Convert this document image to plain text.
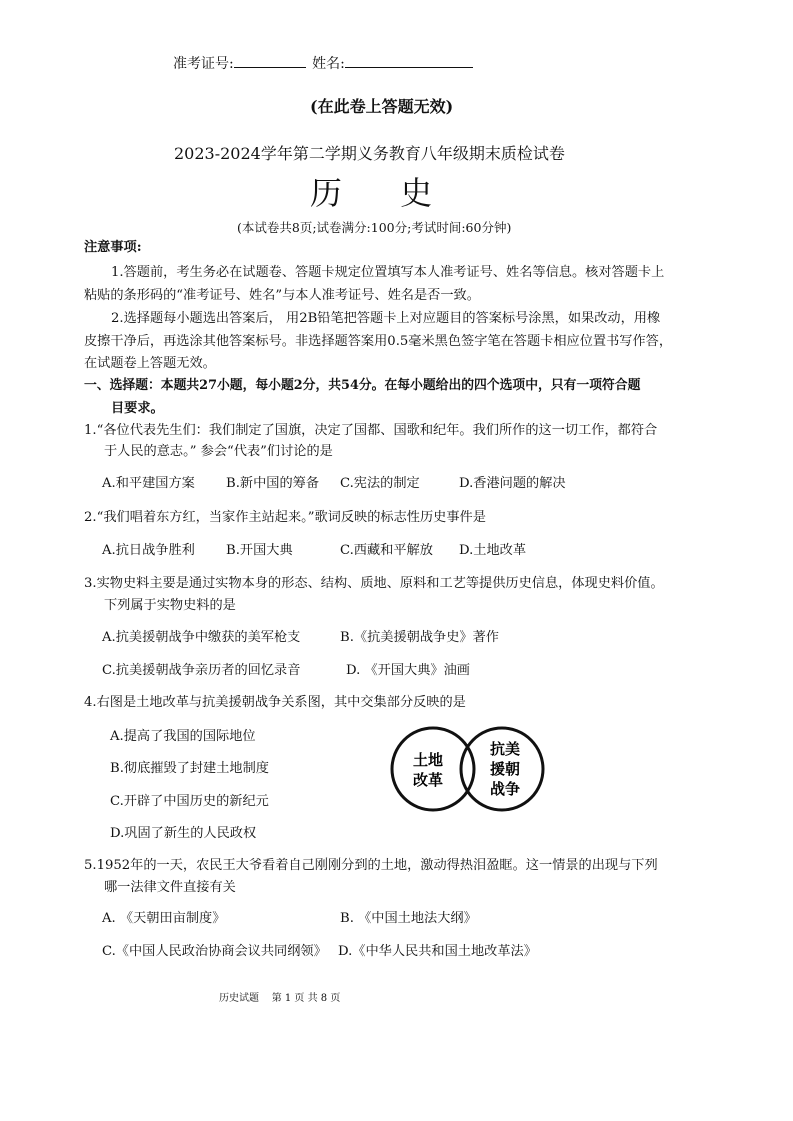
准考证号:	姓名:
(在此卷上答题无效)
2023-2024学年第二学期义务教育八年级期末质检试卷
历 史
(本试卷共8页;试卷满分:100分;考试时间:60分钟)
注意事项:
1.答题前，考生务必在试题卷、答题卡规定位置填写本人准考证号、姓名等信息。核对答题卡上
粘贴的条形码的“准考证号、姓名”与本人准考证号、姓名是否一致。
2.选择题每小题选出答案后， 用2B铅笔把答题卡上对应题目的答案标号涂黑，如果改动，用橡
皮擦干净后，再选涂其他答案标号。非选择题答案用0.5毫米黑色签字笔在答题卡相应位置书写作答，
在试题卷上答题无效。
一、选择题：本题共27小题，每小题2分，共54分。在每小题给出的四个选项中，只有一项符合题
目要求。
1.“各位代表先生们：我们制定了国旗，决定了国都、国歌和纪年。我们所作的这一切工作，都符合
于人民的意志。” 参会“代表”们讨论的是
A.和平建国方案 B.新中国的筹备 C.宪法的制定	D.香港问题的解决
2.“我们唱着东方红，当家作主站起来。”歌词反映的标志性历史事件是
A.抗日战争胜利 B.开国大典	C.西藏和平解放 D.土地改革
3.实物史料主要是通过实物本身的形态、结构、质地、原料和工艺等提供历史信息，体现史料价值。
下列属于实物史料的是
A.抗美援朝战争中缴获的美军枪支	B.《抗美援朝战争史》著作
C.抗美援朝战争亲历者的回忆录音	D. 《开国大典》油画
4.右图是土地改革与抗美援朝战争关系图，其中交集部分反映的是
A.提高了我国的国际地位
B.彻底摧毁了封建土地制度
C.开辟了中国历史的新纪元
D.巩固了新生的人民政权
土地
改革
抗美
援朝
战争
5.1952年的一天，农民王大爷看着自己刚刚分到的土地，激动得热泪盈眶。这一情景的出现与下列
哪一法律文件直接有关
A. 《天朝田亩制度》	B. 《中国土地法大纲》
C.《中国人民政治协商会议共同纲领》 D.《中华人民共和国土地改革法》
历史试题    第 1 页 共 8 页
